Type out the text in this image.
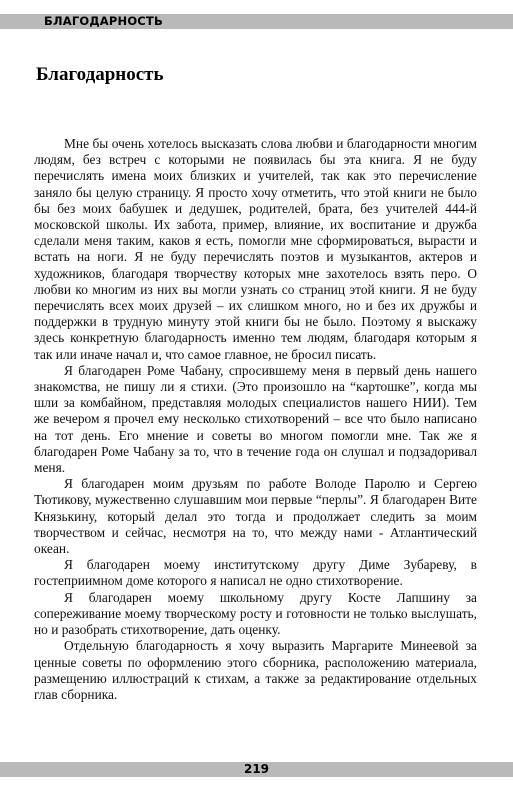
БЛАГОДАРНОСТЬ
Благодарность

Мне бы очень хотелось высказать слова любви и благодарности многим людям, без встреч с которыми не появилась бы эта книга. Я не буду перечислять имена моих близких и учителей, так как это перечисление заняло бы целую страницу. Я просто хочу отметить, что этой книги не было бы без моих бабушек и дедушек, родителей, брата, без учителей 444-й московской школы. Их забота, пример, влияние, их воспитание и дружба сделали меня таким, каков я есть, помогли мне сформироваться, вырасти и встать на ноги. Я не буду перечислять поэтов и музыкантов, актеров и художников, благодаря творчеству которых мне захотелось взять перо. О любви ко многим из них вы могли узнать со страниц этой книги. Я не буду перечислять всех моих друзей – их слишком много, но и без их дружбы и поддержки в трудную минуту этой книги бы не было. Поэтому я выскажу здесь конкретную благодарность именно тем людям, благодаря которым я так или иначе начал и, что самое главное, не бросил писать.

Я благодарен Роме Чабану, спросившему меня в первый день нашего знакомства, не пишу ли я стихи. (Это произошло на “картошке”, когда мы шли за комбайном, представляя молодых специалистов нашего НИИ). Тем же вечером я прочел ему несколько стихотворений – все что было написано на тот день. Его мнение и советы во многом помогли мне. Так же я благодарен Роме Чабану за то, что в течение года он слушал и подзадоривал меня.

Я благодарен моим друзьям по работе Володе Паролю и Сергею Тютикову, мужественно слушавшим мои первые “перлы”. Я благодарен Вите Князькину, который делал это тогда и продолжает следить за моим творчеством и сейчас, несмотря на то, что между нами - Атлантический океан.

Я благодарен моему институтскому другу Диме Зубареву, в гостеприимном доме которого я написал не одно стихотворение.

Я благодарен моему школьному другу Косте Лапшину за сопереживание моему творческому росту и готовности не только выслушать, но и разобрать стихотворение, дать оценку.

Отдельную благодарность я хочу выразить Маргарите Минеевой за ценные советы по оформлению этого сборника, расположению материала, размещению иллюстраций к стихам, а также за редактирование отдельных глав сборника.

219
